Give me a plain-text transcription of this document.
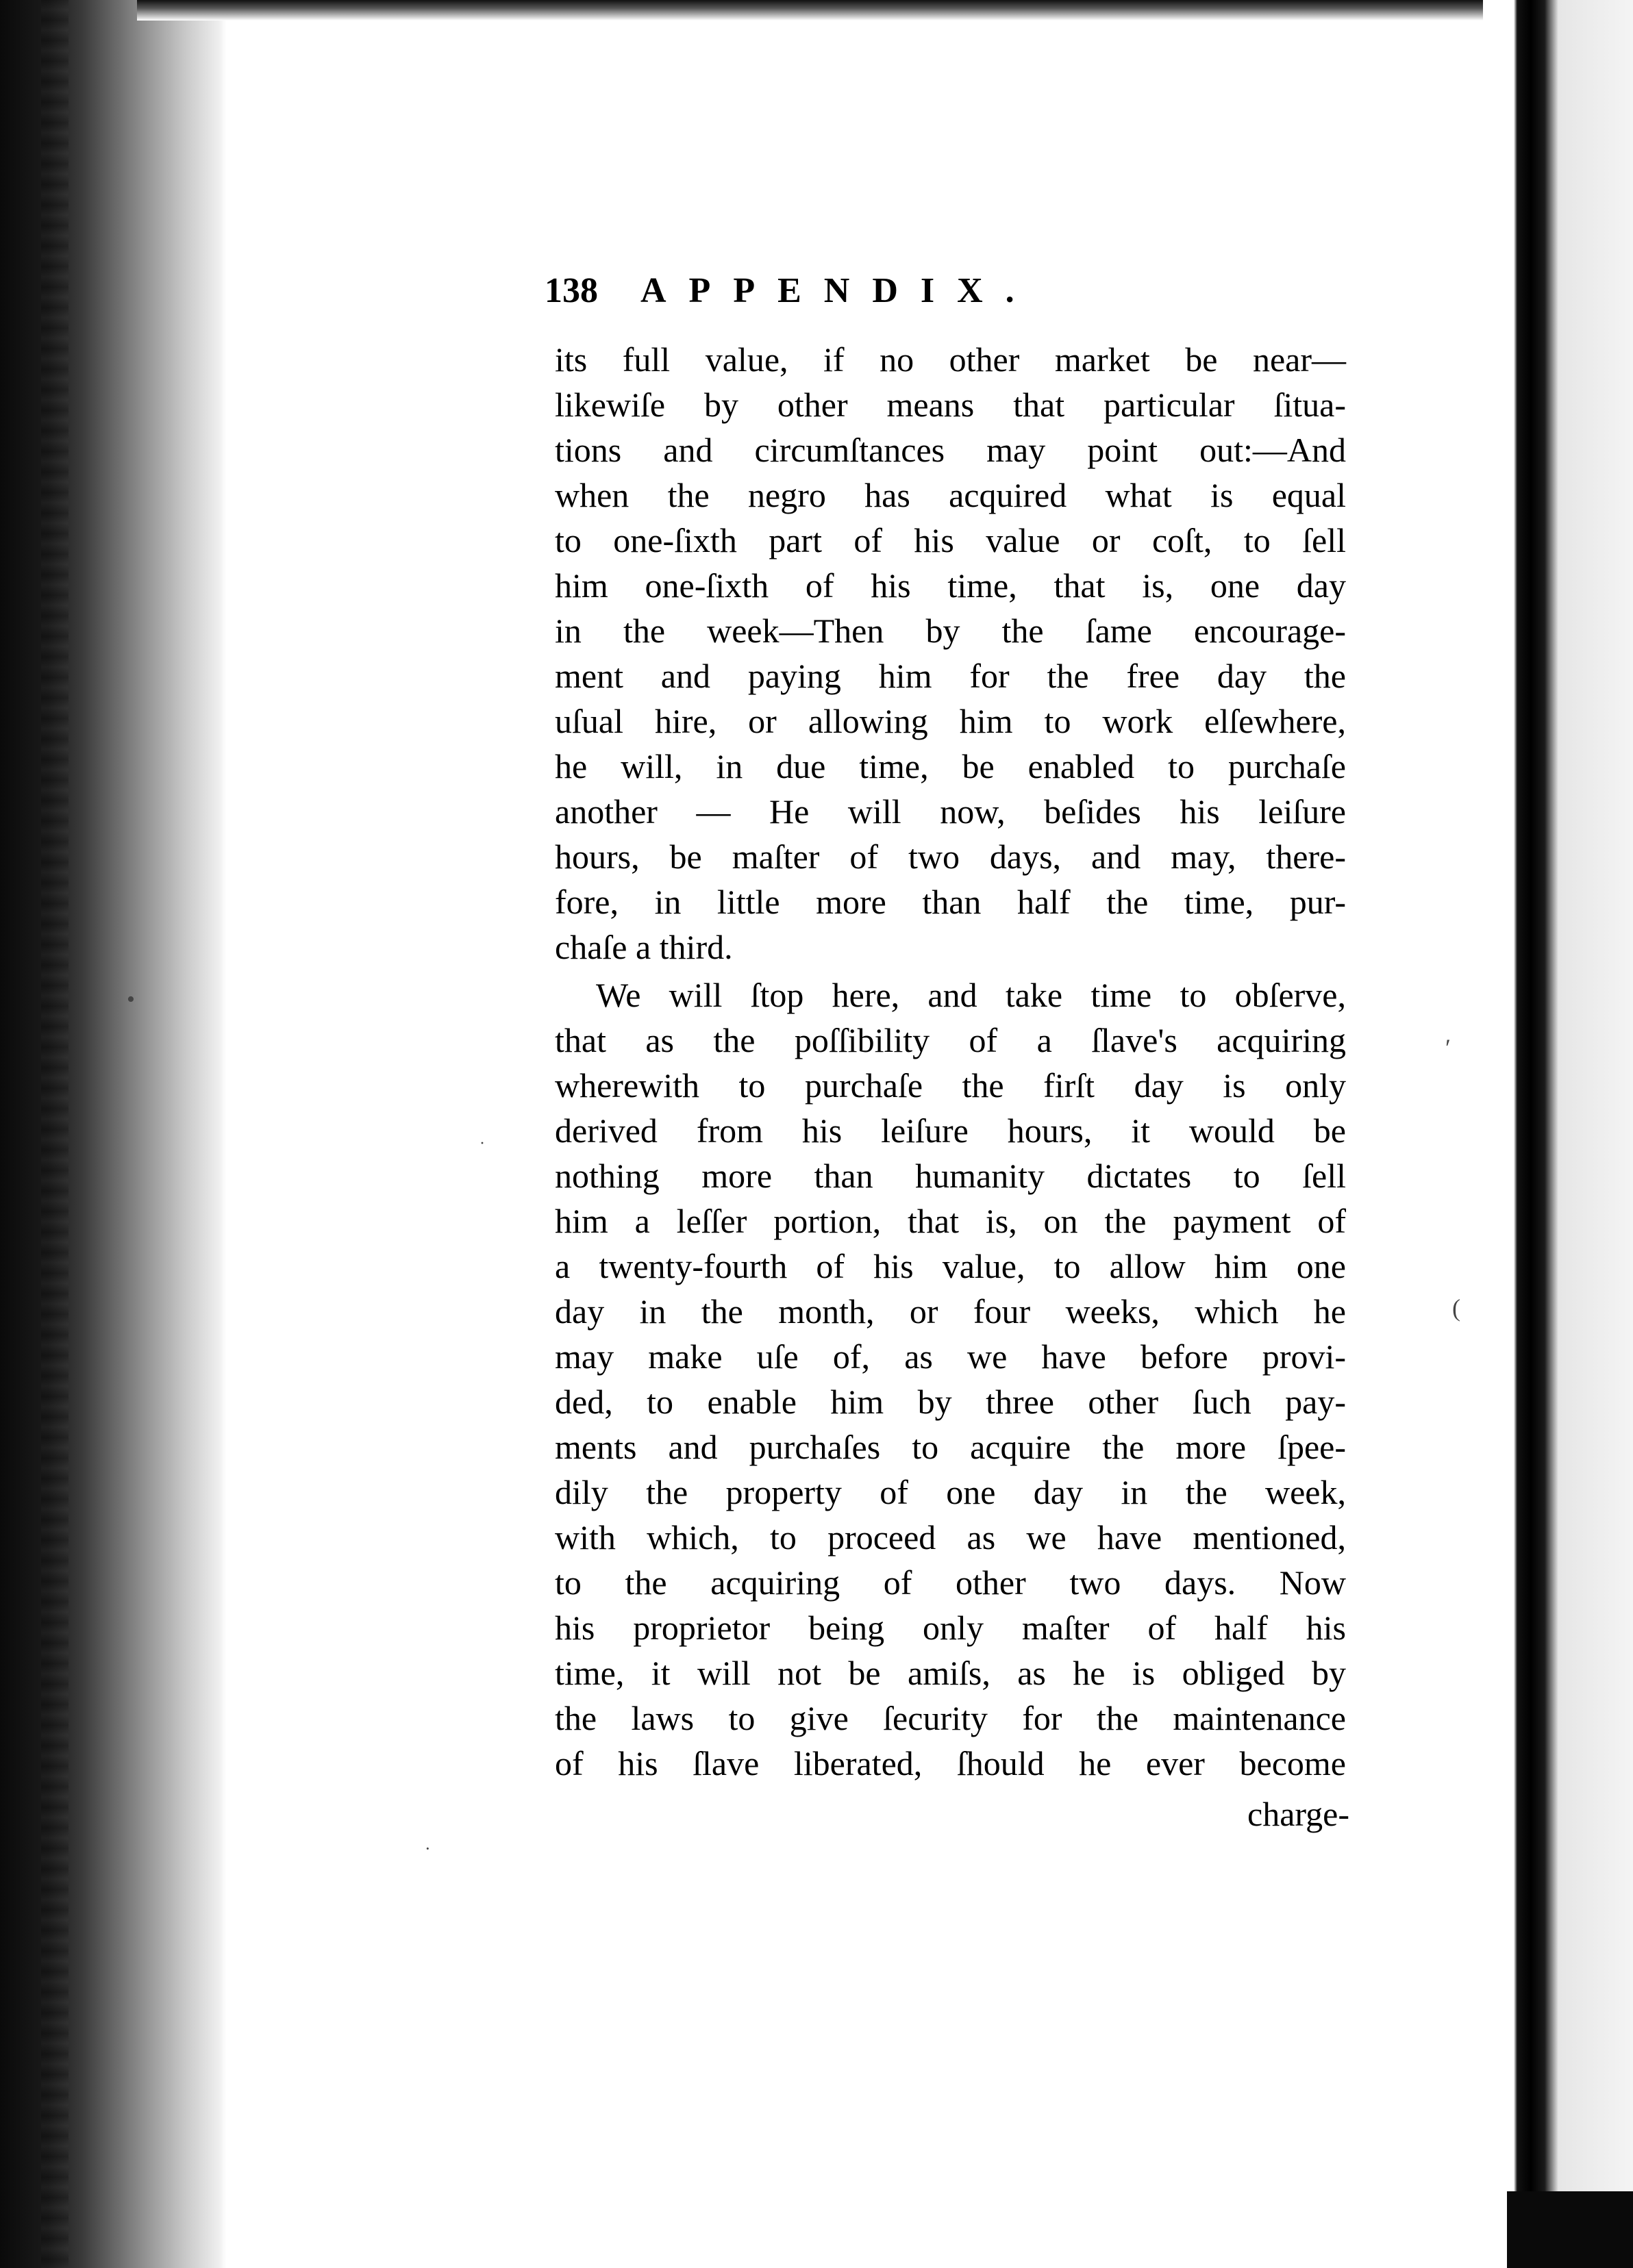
138 APPENDIX.
its full value, if no other market be near—
likewiſe by other means that particular ſitua-
tions and circumſtances may point out:—And
when the negro has acquired what is equal
to one-ſixth part of his value or coſt, to ſell
him one-ſixth of his time, that is, one day
in the week—Then by the ſame encourage-
ment and paying him for the free day the
uſual hire, or allowing him to work elſewhere,
he will, in due time, be enabled to purchaſe
another — He will now, beſides his leiſure
hours, be maſter of two days, and may, there-
fore, in little more than half the time, pur-
chaſe a third.
We will ſtop here, and take time to obſerve,
that as the poſſibility of a ſlave's acquiring
wherewith to purchaſe the firſt day is only
derived from his leiſure hours, it would be
nothing more than humanity dictates to ſell
him a leſſer portion, that is, on the payment of
a twenty-fourth of his value, to allow him one
day in the month, or four weeks, which he
may make uſe of, as we have before provi-
ded, to enable him by three other ſuch pay-
ments and purchaſes to acquire the more ſpee-
dily the property of one day in the week,
with which, to proceed as we have mentioned,
to the acquiring of other two days. Now
his proprietor being only maſter of half his
time, it will not be amiſs, as he is obliged by
the laws to give ſecurity for the maintenance
of his ſlave liberated, ſhould he ever become
charge-
•
·
′
(
·
